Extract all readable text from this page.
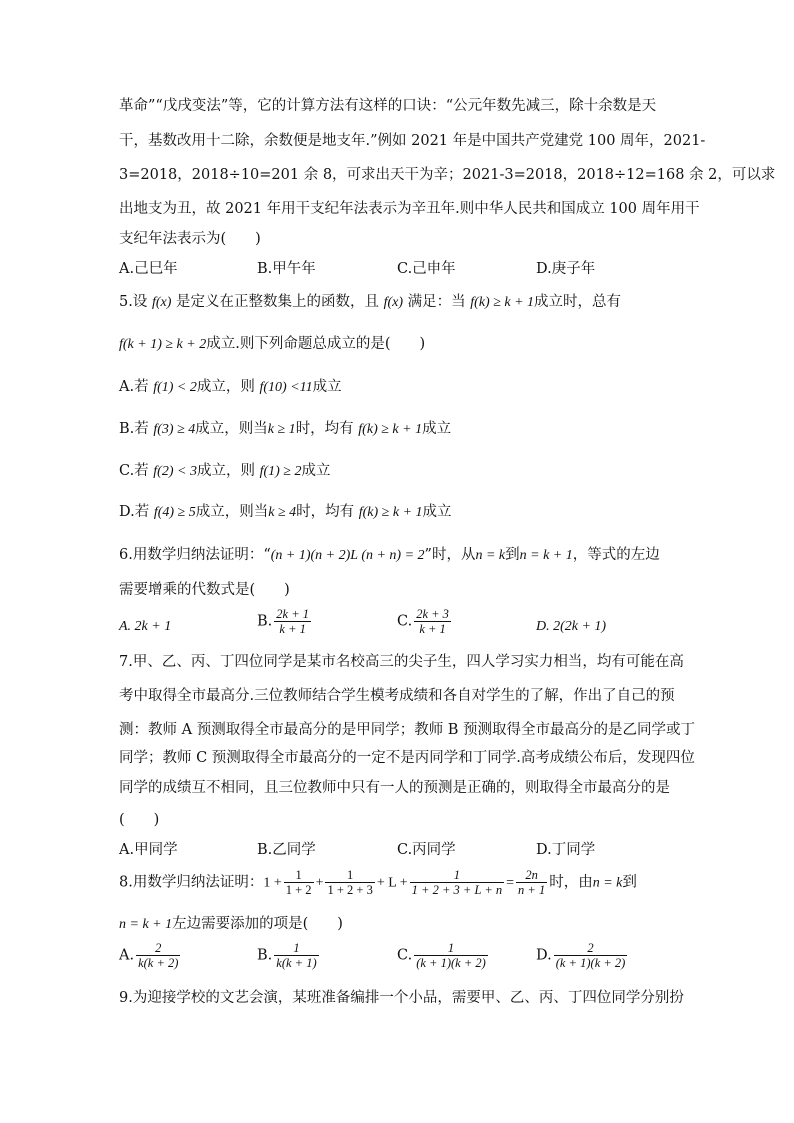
革命”“戊戌变法”等，它的计算方法有这样的口诀：“公元年数先减三，除十余数是天
干，基数改用十二除，余数便是地支年.”例如 2021 年是中国共产党建党 100 周年，2021-
3=2018，2018÷10=201 余 8，可求出天干为辛；2021-3=2018，2018÷12=168 余 2，可以求
出地支为丑，故 2021 年用干支纪年法表示为辛丑年.则中华人民共和国成立 100 周年用干
支纪年法表示为(　　)
A.己巳年	B.甲午年	C.己申年	D.庚子年
5.设 f(x) 是定义在正整数集上的函数，且 f(x) 满足：当 f(k) ≥ k + 1成立时，总有
f(k + 1) ≥ k + 2成立.则下列命题总成立的是(　　)
A.若 f(1) < 2成立，则 f(10) <11成立
B.若 f(3) ≥ 4成立，则当k ≥ 1时，均有 f(k) ≥ k + 1成立
C.若 f(2) < 3成立，则 f(1) ≥ 2成立
D.若 f(4) ≥ 5成立，则当k ≥ 4时，均有 f(k) ≥ k + 1成立
6.用数学归纳法证明：“(n + 1)(n + 2)L (n + n) = 2”时，从n = k到n = k + 1，等式的左边
需要增乘的代数式是(　　)
A. 2k + 1	B. $\frac{2k + 1}{k + 1}$	C. $\frac{2k + 3}{k + 1}$	D. 2(2k + 1)
7.甲、乙、丙、丁四位同学是某市名校高三的尖子生，四人学习实力相当，均有可能在高
考中取得全市最高分.三位教师结合学生模考成绩和各自对学生的了解，作出了自己的预
测：教师 A 预测取得全市最高分的是甲同学；教师 B 预测取得全市最高分的是乙同学或丁
同学；教师 C 预测取得全市最高分的一定不是丙同学和丁同学.高考成绩公布后，发现四位
同学的成绩互不相同，且三位教师中只有一人的预测是正确的，则取得全市最高分的是
(　　)
A.甲同学	B.乙同学	C.丙同学	D.丁同学
8.用数学归纳法证明：$1 + \frac{1}{1 + 2} + \frac{1}{1 + 2 + 3} + L + \frac{1}{1 + 2 + 3 + L + n} = \frac{2n}{n + 1}$ 时，由n = k到
n = k + 1左边需要添加的项是(　　)
A. $\frac{2}{k(k + 2)}$	B. $\frac{1}{k(k + 1)}$	C. $\frac{1}{(k + 1)(k + 2)}$	D. $\frac{2}{(k + 1)(k + 2)}$
9.为迎接学校的文艺会演，某班准备编排一个小品，需要甲、乙、丙、丁四位同学分别扮
